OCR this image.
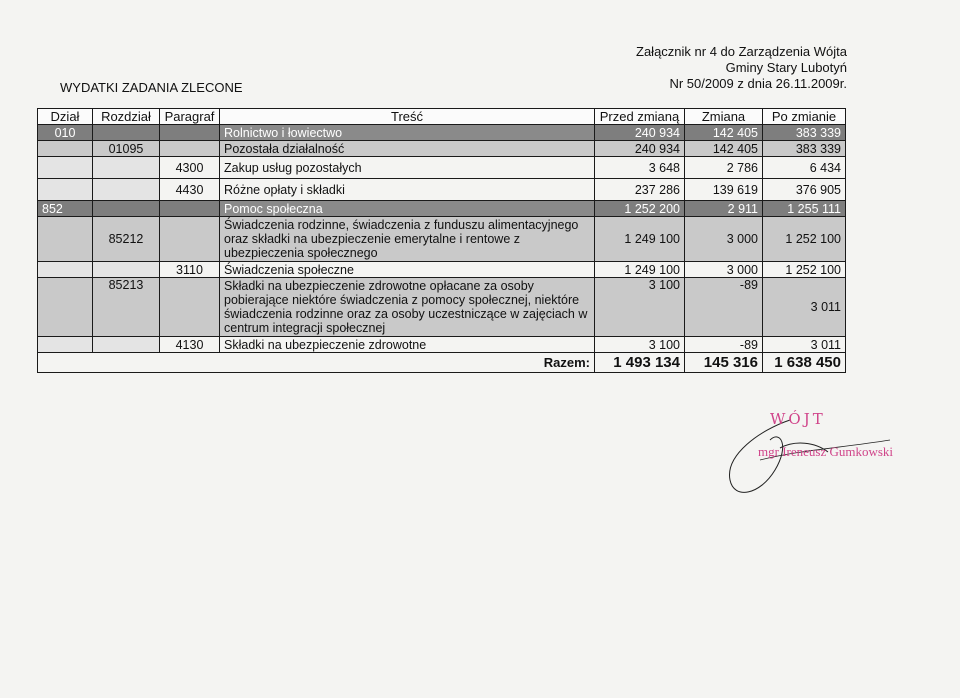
Załącznik nr 4 do Zarządzenia Wójta
Gminy Stary Lubotyń
Nr 50/2009 z dnia 26.11.2009r.
WYDATKI ZADANIA ZLECONE
Dział	Rozdział	Paragraf	Treść	Przed zmianą	Zmiana	Po zmianie
010			Rolnictwo i łowiectwo	240 934	142 405	383 339
	01095		Pozostała działalność	240 934	142 405	383 339
		4300	Zakup usług pozostałych	3 648	2 786	6 434
		4430	Różne opłaty i składki	237 286	139 619	376 905
852			Pomoc społeczna	1 252 200	2 911	1 255 111
	85212		Świadczenia rodzinne, świadczenia z funduszu alimentacyjnego oraz składki na ubezpieczenie emerytalne i rentowe z ubezpieczenia społecznego	1 249 100	3 000	1 252 100
		3110	Świadczenia społeczne	1 249 100	3 000	1 252 100
	85213		Składki na ubezpieczenie zdrowotne opłacane za osoby pobierające niektóre świadczenia z pomocy społecznej, niektóre świadczenia rodzinne oraz za osoby uczestniczące w zajęciach w centrum integracji społecznej	3 100	-89	3 011
		4130	Składki na ubezpieczenie zdrowotne	3 100	-89	3 011
Razem:				1 493 134	145 316	1 638 450
WÓJT
mgr Ireneusz Gumkowski
